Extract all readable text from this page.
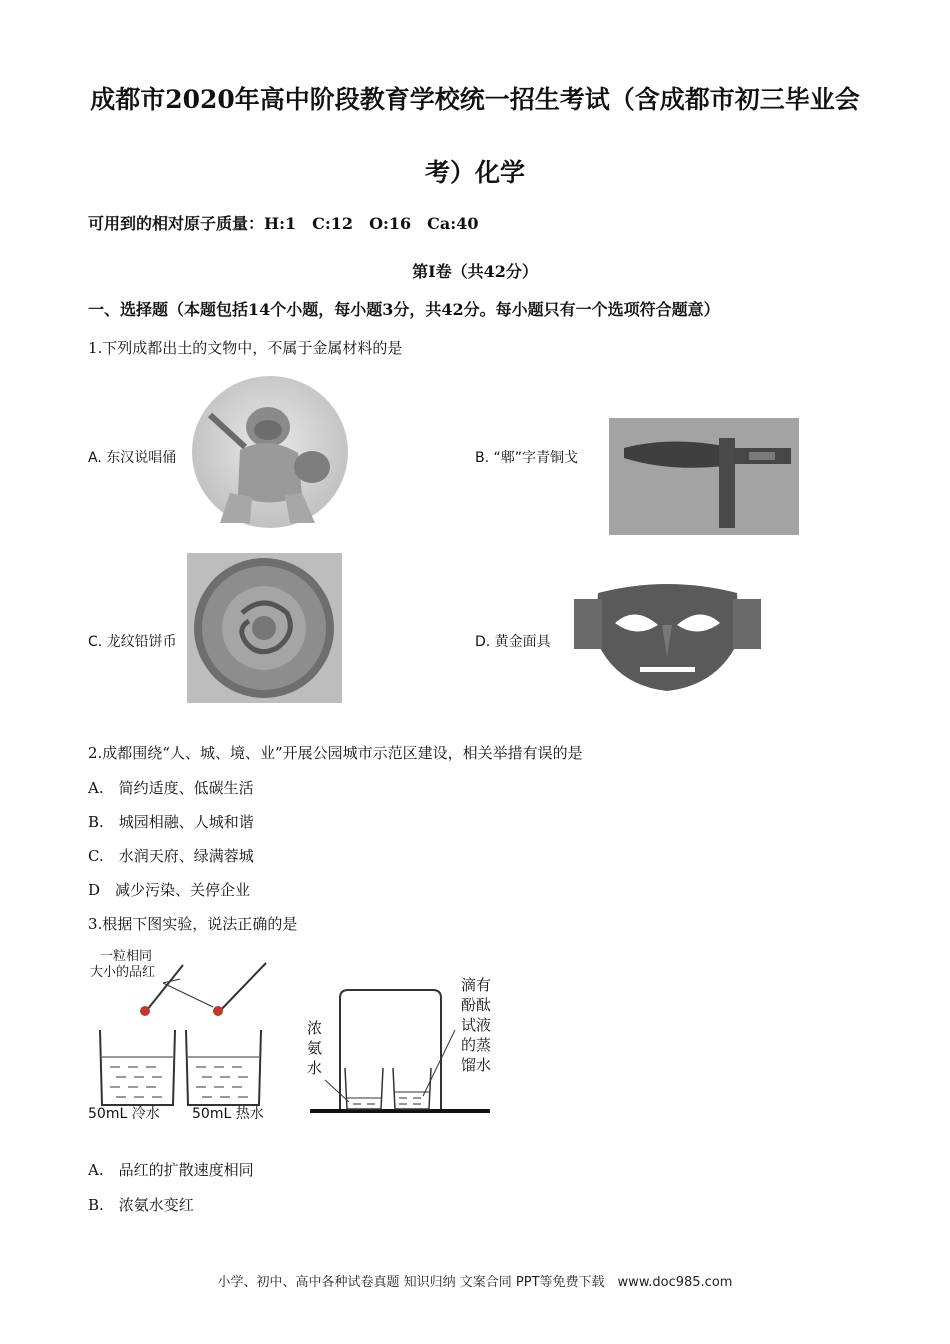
成都市2020年高中阶段教育学校统一招生考试（含成都市初三毕业会
考）化学
可用到的相对原子质量：H:1　C:12　O:16　Ca:40
第Ⅰ卷（共42分）
一、选择题（本题包括14个小题，每小题3分，共42分。每小题只有一个选项符合题意）
1.下列成都出土的文物中，不属于金属材料的是
A. 东汉说唱俑	B. “郫”字青铜戈
C. 龙纹铅饼币	D. 黄金面具
2.成都围绕“人、城、境、业”开展公园城市示范区建设，相关举措有误的是
A.　简约适度、低碳生活
B.　城园相融、人城和谐
C.　水润天府、绿满蓉城
D　减少污染、关停企业
3.根据下图实验，说法正确的是
一粒相同
大小的品红
50mL 冷水 50mL 热水
浓
氨
水
滴有
酚酞
试液
的蒸
馏水
A.　品红的扩散速度相同
B.　浓氨水变红
小学、初中、高中各种试卷真题 知识归纳 文案合同 PPT等免费下载　www.doc985.com
